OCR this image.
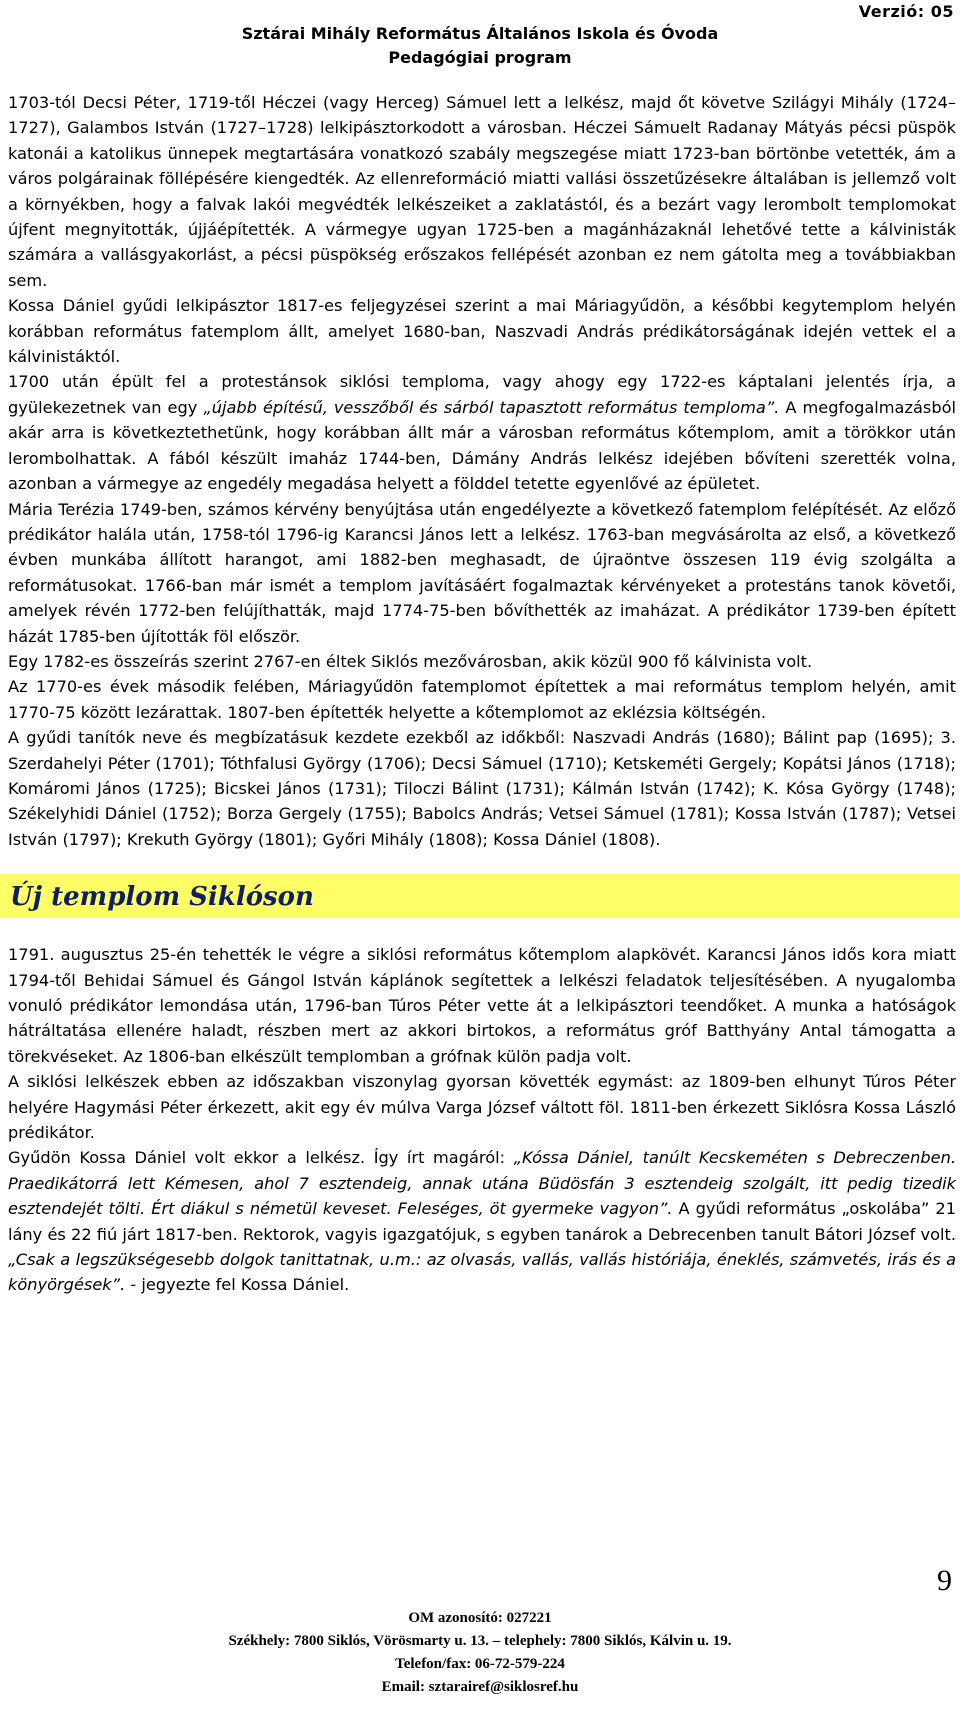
Verzió: 05
Sztárai Mihály Református Általános Iskola és Óvoda
Pedagógiai program

1703-tól Decsi Péter, 1719-től Héczei (vagy Herceg) Sámuel lett a lelkész, majd őt követve Szilágyi Mihály (1724–1727), Galambos István (1727–1728) lelkipásztorkodott a városban. Héczei Sámuelt Radanay Mátyás pécsi püspök katonái a katolikus ünnepek megtartására vonatkozó szabály megszegése miatt 1723-ban börtönbe vetették, ám a város polgárainak föllépésére kiengedték. Az ellenreformáció miatti vallási összetűzésekre általában is jellemző volt a környékben, hogy a falvak lakói megvédték lelkészeiket a zaklatástól, és a bezárt vagy lerombolt templomokat újfent megnyitották, újjáépítették. A vármegye ugyan 1725-ben a magánházaknál lehetővé tette a kálvinisták számára a vallásgyakorlást, a pécsi püspökség erőszakos fellépését azonban ez nem gátolta meg a továbbiakban sem.

Kossa Dániel gyűdi lelkipásztor 1817-es feljegyzései szerint a mai Máriagyűdön, a későbbi kegytemplom helyén korábban református fatemplom állt, amelyet 1680-ban, Naszvadi András prédikátorságának idején vettek el a kálvinistáktól.

1700 után épült fel a protestánsok siklósi temploma, vagy ahogy egy 1722-es káptalani jelentés írja, a gyülekezetnek van egy „újabb építésű, vesszőből és sárból tapasztott református temploma”. A megfogalmazásból akár arra is következtethetünk, hogy korábban állt már a városban református kőtemplom, amit a törökkor után lerombolhattak. A fából készült imaház 1744-ben, Dámány András lelkész idejében bővíteni szerették volna, azonban a vármegye az engedély megadása helyett a földdel tetette egyenlővé az épületet.

Mária Terézia 1749-ben, számos kérvény benyújtása után engedélyezte a következő fatemplom felépítését. Az előző prédikátor halála után, 1758-tól 1796-ig Karancsi János lett a lelkész. 1763-ban megvásárolta az első, a következő évben munkába állított harangot, ami 1882-ben meghasadt, de újraöntve összesen 119 évig szolgálta a reformátusokat. 1766-ban már ismét a templom javításáért fogalmaztak kérvényeket a protestáns tanok követői, amelyek révén 1772-ben felújíthatták, majd 1774-75-ben bővíthették az imaházat. A prédikátor 1739-ben épített házát 1785-ben újították föl először.

Egy 1782-es összeírás szerint 2767-en éltek Siklós mezővárosban, akik közül 900 fő kálvinista volt.

Az 1770-es évek második felében, Máriagyűdön fatemplomot építettek a mai református templom helyén, amit 1770-75 között lezárattak. 1807-ben építették helyette a kőtemplomot az eklézsia költségén.

A gyűdi tanítók neve és megbízatásuk kezdete ezekből az időkből: Naszvadi András (1680); Bálint pap (1695); 3. Szerdahelyi Péter (1701); Tóthfalusi György (1706); Decsi Sámuel (1710); Ketskeméti Gergely; Kopátsi János (1718); Komáromi János (1725); Bicskei János (1731); Tiloczi Bálint (1731); Kálmán István (1742); K. Kósa György (1748); Székelyhidi Dániel (1752); Borza Gergely (1755); Babolcs András; Vetsei Sámuel (1781); Kossa István (1787); Vetsei István (1797); Krekuth György (1801); Győri Mihály (1808); Kossa Dániel (1808).

Új templom Siklóson

1791. augusztus 25-én tehették le végre a siklósi református kőtemplom alapkövét. Karancsi János idős kora miatt 1794-től Behidai Sámuel és Gángol István káplánok segítettek a lelkészi feladatok teljesítésében. A nyugalomba vonuló prédikátor lemondása után, 1796-ban Túros Péter vette át a lelkipásztori teendőket. A munka a hatóságok hátráltatása ellenére haladt, részben mert az akkori birtokos, a református gróf Batthyány Antal támogatta a törekvéseket. Az 1806-ban elkészült templomban a grófnak külön padja volt.

A siklósi lelkészek ebben az időszakban viszonylag gyorsan követték egymást: az 1809-ben elhunyt Túros Péter helyére Hagymási Péter érkezett, akit egy év múlva Varga József váltott föl. 1811-ben érkezett Siklósra Kossa László prédikátor.

Gyűdön Kossa Dániel volt ekkor a lelkész. Így írt magáról: „Kóssa Dániel, tanúlt Kecskeméten s Debreczenben. Praedikátorrá lett Kémesen, ahol 7 esztendeig, annak utána Büdösfán 3 esztendeig szolgált, itt pedig tizedik esztendejét tölti. Ért diákul s németül keveset. Feleséges, öt gyermeke vagyon”. A gyűdi református „oskolába” 21 lány és 22 fiú járt 1817-ben. Rektorok, vagyis igazgatójuk, s egyben tanárok a Debrecenben tanult Bátori József volt. „Csak a legszükségesebb dolgok tanittatnak, u.m.: az olvasás, vallás, vallás históriája, éneklés, számvetés, irás és a könyörgések”. - jegyezte fel Kossa Dániel.

9
OM azonosító: 027221
Székhely: 7800 Siklós, Vörösmarty u. 13. – telephely: 7800 Siklós, Kálvin u. 19.
Telefon/fax: 06-72-579-224
Email: sztarairef@siklosref.hu
